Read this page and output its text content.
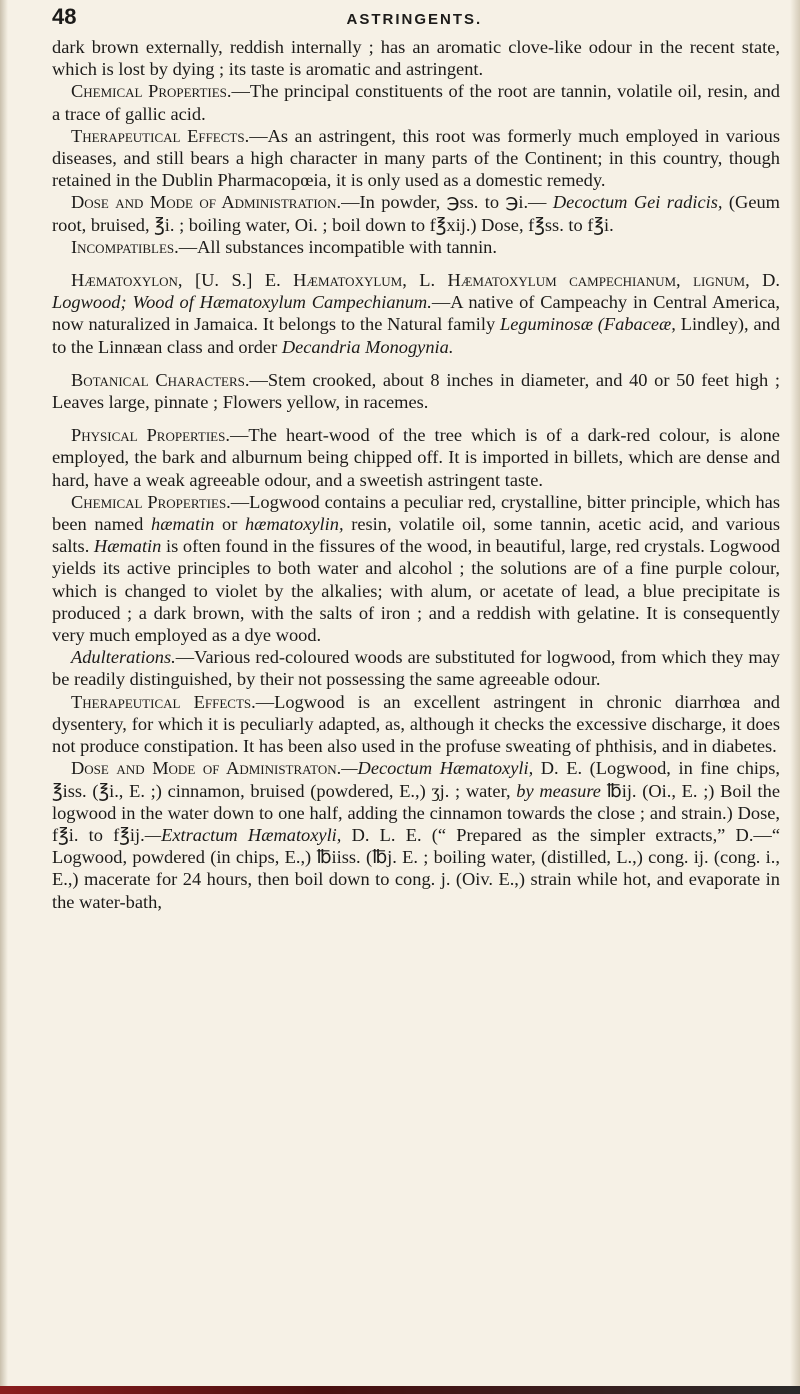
48	ASTRINGENTS.

dark brown externally, reddish internally ; has an aromatic clove-like odour in the recent state, which is lost by dying ; its taste is aromatic and astringent.

Chemical Properties.—The principal constituents of the root are tannin, volatile oil, resin, and a trace of gallic acid.

Therapeutical Effects.—As an astringent, this root was formerly much employed in various diseases, and still bears a high character in many parts of the Continent; in this country, though retained in the Dublin Pharmacopœia, it is only used as a domestic remedy.

Dose and Mode of Administration.—In powder, ℈ss. to ℈i.— Decoctum Gei radicis, (Geum root, bruised, ℥i. ; boiling water, Oi. ; boil down to f℥xij.) Dose, f℥ss. to f℥i.

Incompatibles.—All substances incompatible with tannin.

Hæmatoxylon, [U. S.] E. Hæmatoxylum, L. Hæmatoxylum campechianum, lignum, D. Logwood; Wood of Hæmatoxylum Campechianum.—A native of Campeachy in Central America, now naturalized in Jamaica. It belongs to the Natural family Leguminosæ (Fabaceæ, Lindley), and to the Linnæan class and order Decandria Monogynia.

Botanical Characters.—Stem crooked, about 8 inches in diameter, and 40 or 50 feet high ; Leaves large, pinnate ; Flowers yellow, in racemes.

Physical Properties.—The heart-wood of the tree which is of a dark-red colour, is alone employed, the bark and alburnum being chipped off. It is imported in billets, which are dense and hard, have a weak agreeable odour, and a sweetish astringent taste.

Chemical Properties.—Logwood contains a peculiar red, crystalline, bitter principle, which has been named hæmatin or hæmatoxylin, resin, volatile oil, some tannin, acetic acid, and various salts. Hæmatin is often found in the fissures of the wood, in beautiful, large, red crystals. Logwood yields its active principles to both water and alcohol ; the solutions are of a fine purple colour, which is changed to violet by the alkalies; with alum, or acetate of lead, a blue precipitate is produced ; a dark brown, with the salts of iron ; and a reddish with gelatine. It is consequently very much employed as a dye wood.

Adulterations.—Various red-coloured woods are substituted for logwood, from which they may be readily distinguished, by their not possessing the same agreeable odour.

Therapeutical Effects.—Logwood is an excellent astringent in chronic diarrhœa and dysentery, for which it is peculiarly adapted, as, although it checks the excessive discharge, it does not produce constipation. It has been also used in the profuse sweating of phthisis, and in diabetes.

Dose and Mode of Administraton.—Decoctum Hæmatoxyli, D. E. (Logwood, in fine chips, ℥iss. (℥i., E. ;) cinnamon, bruised (powdered, E.,) ʒj. ; water, by measure ℔ij. (Oi., E. ;) Boil the logwood in the water down to one half, adding the cinnamon towards the close ; and strain.) Dose, f℥i. to f℥ij.—Extractum Hæmatoxyli, D. L. E. (“ Prepared as the simpler extracts,” D.—“ Logwood, powdered (in chips, E.,) ℔iiss. (℔j. E. ; boiling water, (distilled, L.,) cong. ij. (cong. i., E.,) macerate for 24 hours, then boil down to cong. j. (Oiv. E.,) strain while hot, and evaporate in the water-bath,
